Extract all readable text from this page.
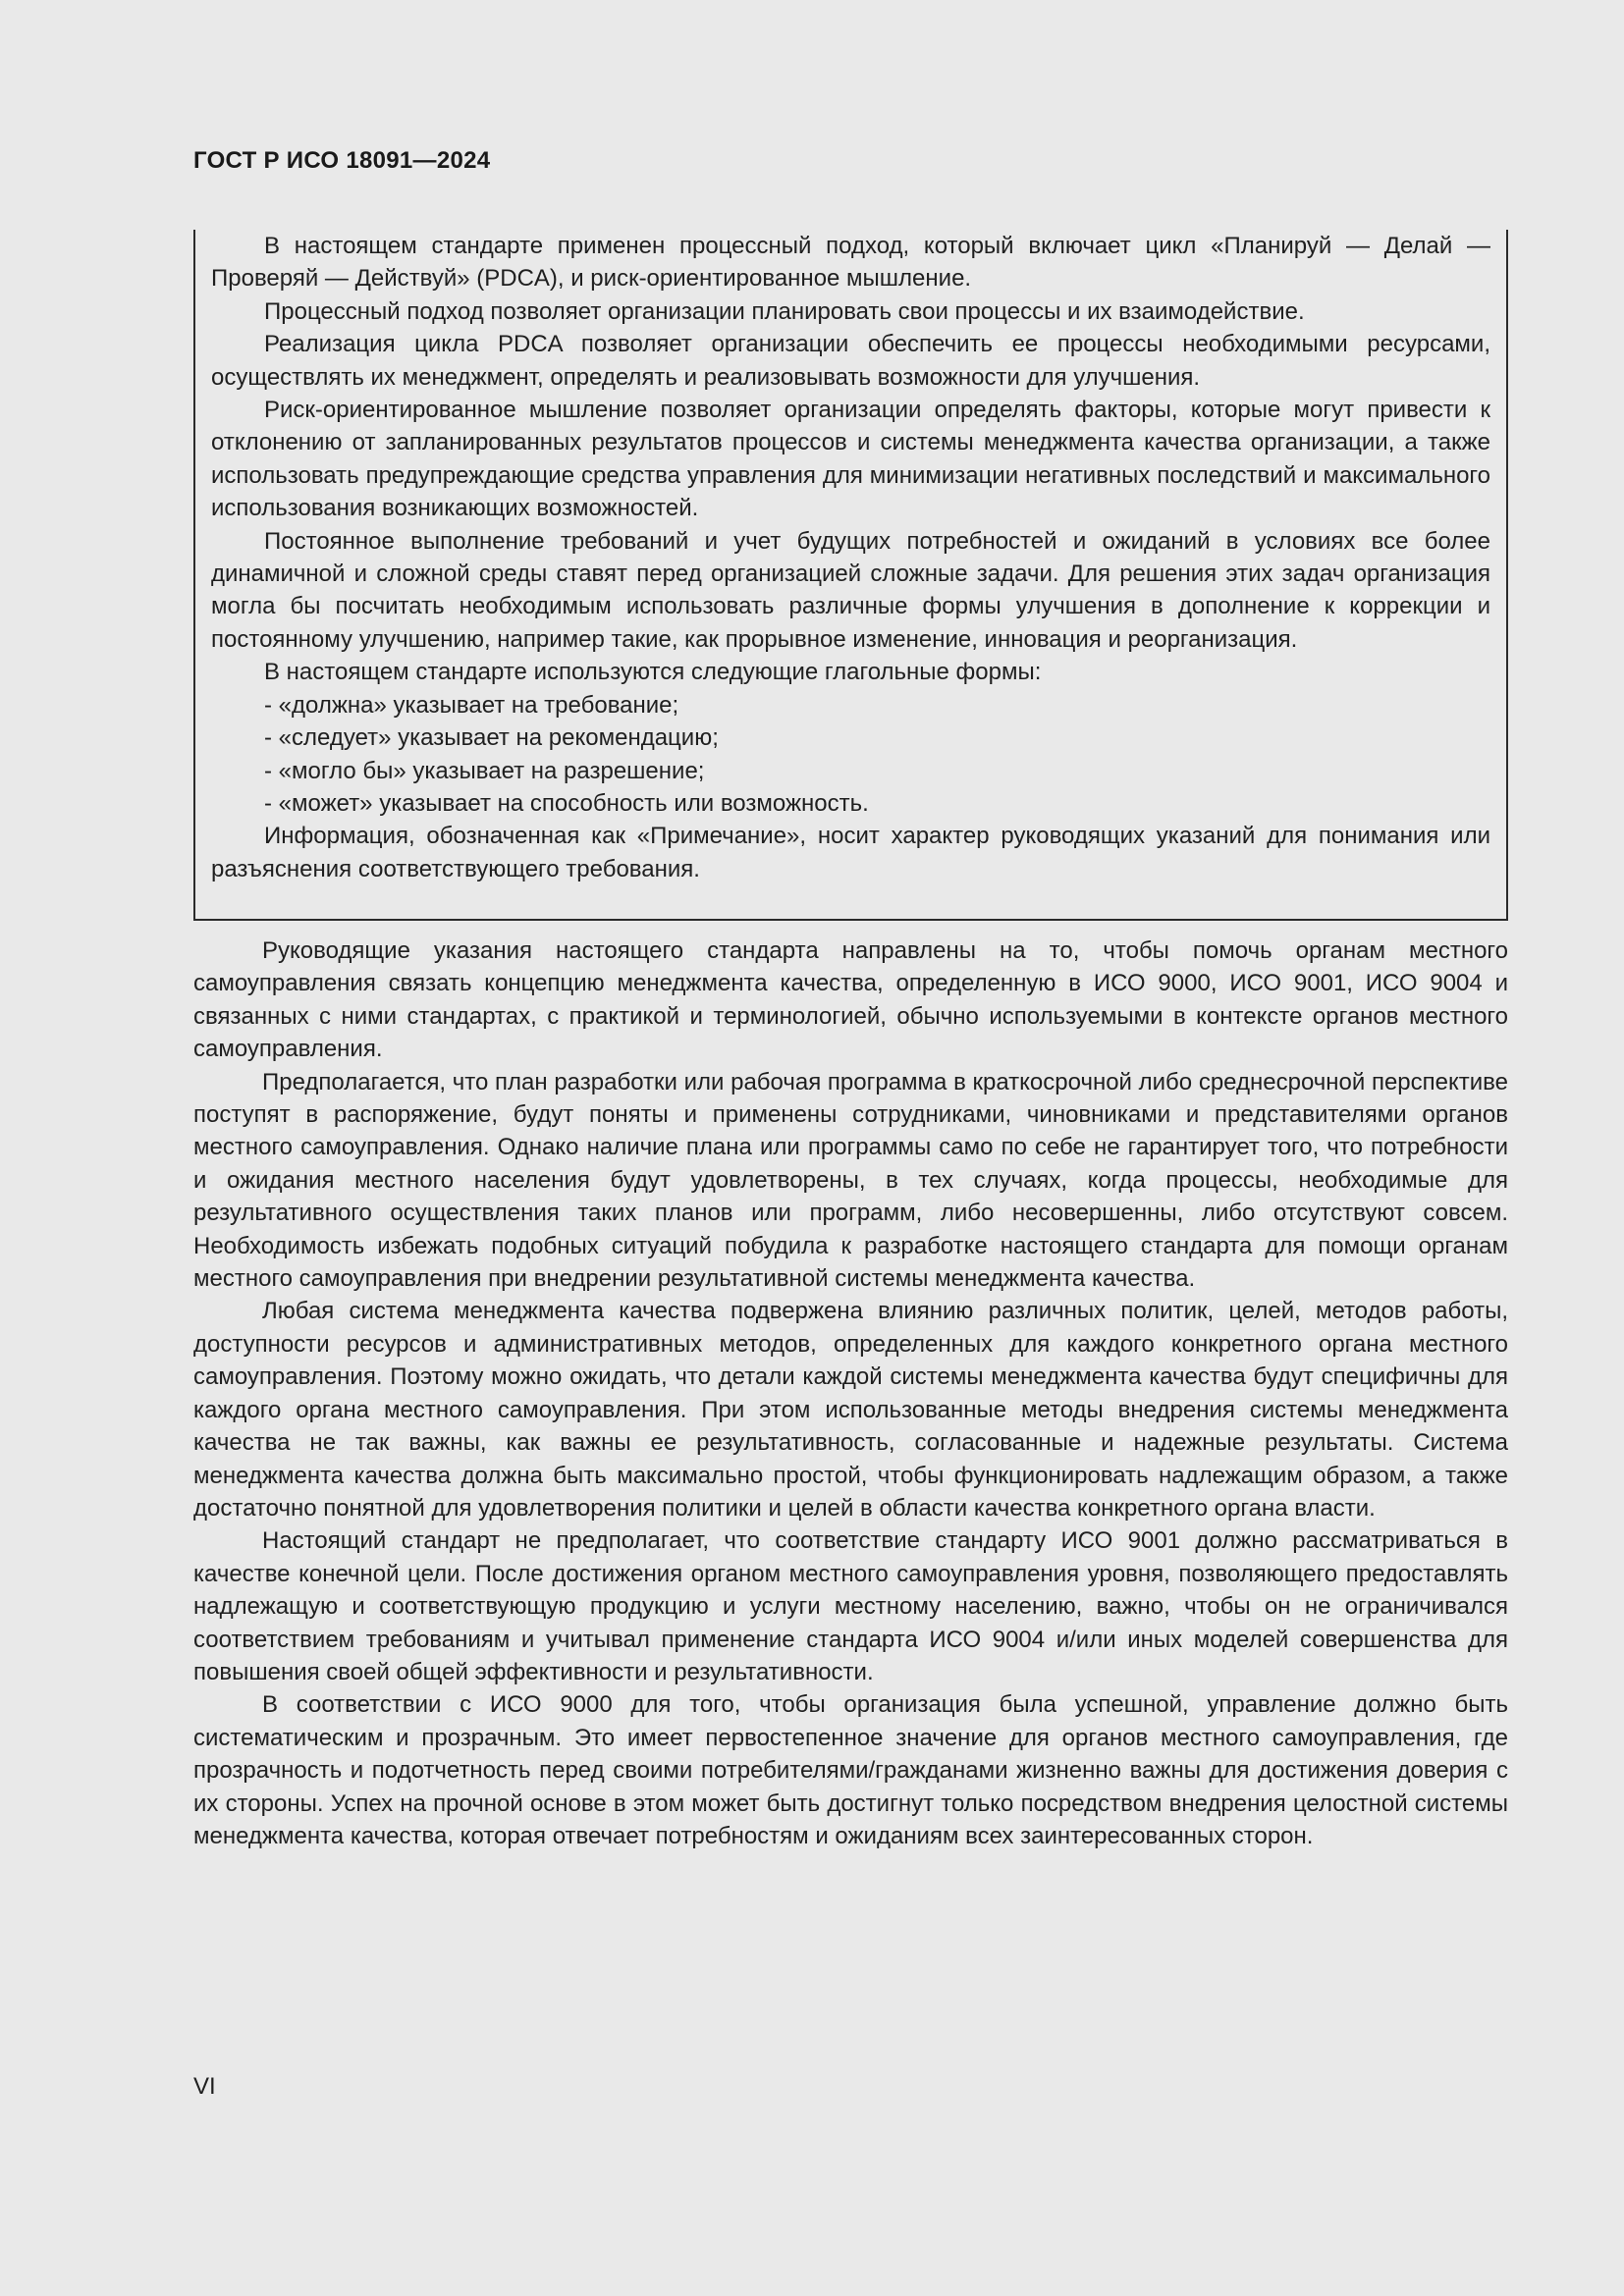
ГОСТ Р ИСО 18091—2024

В настоящем стандарте применен процессный подход, который включает цикл «Планируй — Делай — Проверяй — Действуй» (PDCA), и риск-ориентированное мышление.

Процессный подход позволяет организации планировать свои процессы и их взаимодействие.

Реализация цикла PDCA позволяет организации обеспечить ее процессы необходимыми ресурсами, осуществлять их менеджмент, определять и реализовывать возможности для улучшения.

Риск-ориентированное мышление позволяет организации определять факторы, которые могут привести к отклонению от запланированных результатов процессов и системы менеджмента качества организации, а также использовать предупреждающие средства управления для минимизации негативных последствий и максимального использования возникающих возможностей.

Постоянное выполнение требований и учет будущих потребностей и ожиданий в условиях все более динамичной и сложной среды ставят перед организацией сложные задачи. Для решения этих задач организация могла бы посчитать необходимым использовать различные формы улучшения в дополнение к коррекции и постоянному улучшению, например такие, как прорывное изменение, инновация и реорганизация.

В настоящем стандарте используются следующие глагольные формы:

- «должна» указывает на требование;
- «следует» указывает на рекомендацию;
- «могло бы» указывает на разрешение;
- «может» указывает на способность или возможность.

Информация, обозначенная как «Примечание», носит характер руководящих указаний для понимания или разъяснения соответствующего требования.

Руководящие указания настоящего стандарта направлены на то, чтобы помочь органам местного самоуправления связать концепцию менеджмента качества, определенную в ИСО 9000, ИСО 9001, ИСО 9004 и связанных с ними стандартах, с практикой и терминологией, обычно используемыми в контексте органов местного самоуправления.

Предполагается, что план разработки или рабочая программа в краткосрочной либо среднесрочной перспективе поступят в распоряжение, будут поняты и применены сотрудниками, чиновниками и представителями органов местного самоуправления. Однако наличие плана или программы само по себе не гарантирует того, что потребности и ожидания местного населения будут удовлетворены, в тех случаях, когда процессы, необходимые для результативного осуществления таких планов или программ, либо несовершенны, либо отсутствуют совсем. Необходимость избежать подобных ситуаций побудила к разработке настоящего стандарта для помощи органам местного самоуправления при внедрении результативной системы менеджмента качества.

Любая система менеджмента качества подвержена влиянию различных политик, целей, методов работы, доступности ресурсов и административных методов, определенных для каждого конкретного органа местного самоуправления. Поэтому можно ожидать, что детали каждой системы менеджмента качества будут специфичны для каждого органа местного самоуправления. При этом использованные методы внедрения системы менеджмента качества не так важны, как важны ее результативность, согласованные и надежные результаты. Система менеджмента качества должна быть максимально простой, чтобы функционировать надлежащим образом, а также достаточно понятной для удовлетворения политики и целей в области качества конкретного органа власти.

Настоящий стандарт не предполагает, что соответствие стандарту ИСО 9001 должно рассматриваться в качестве конечной цели. После достижения органом местного самоуправления уровня, позволяющего предоставлять надлежащую и соответствующую продукцию и услуги местному населению, важно, чтобы он не ограничивался соответствием требованиям и учитывал применение стандарта ИСО 9004 и/или иных моделей совершенства для повышения своей общей эффективности и результативности.

В соответствии с ИСО 9000 для того, чтобы организация была успешной, управление должно быть систематическим и прозрачным. Это имеет первостепенное значение для органов местного самоуправления, где прозрачность и подотчетность перед своими потребителями/гражданами жизненно важны для достижения доверия с их стороны. Успех на прочной основе в этом может быть достигнут только посредством внедрения целостной системы менеджмента качества, которая отвечает потребностям и ожиданиям всех заинтересованных сторон.

VI
